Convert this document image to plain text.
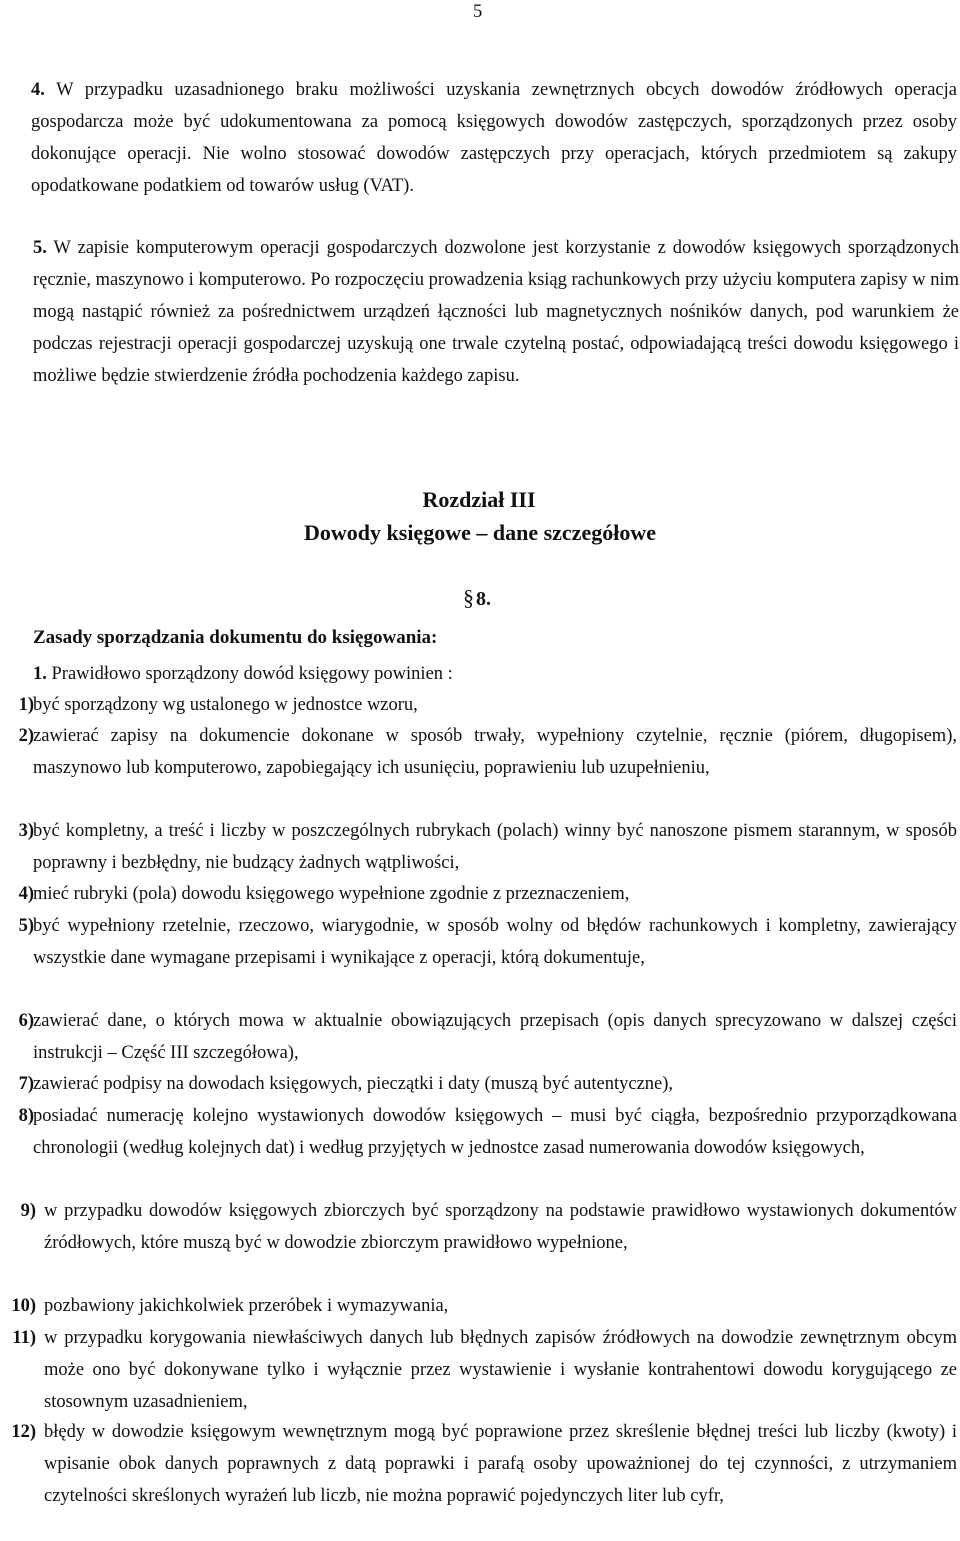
5

4. W przypadku uzasadnionego braku możliwości uzyskania zewnętrznych obcych dowodów źródłowych operacja gospodarcza może być udokumentowana za pomocą księgowych dowodów zastępczych, sporządzonych przez osoby dokonujące operacji. Nie wolno stosować dowodów zastępczych przy operacjach, których przedmiotem są zakupy opodatkowane podatkiem od towarów usług (VAT).

5. W zapisie komputerowym operacji gospodarczych dozwolone jest korzystanie z dowodów księgowych sporządzonych ręcznie, maszynowo i komputerowo. Po rozpoczęciu prowadzenia ksiąg rachunkowych przy użyciu komputera zapisy w nim mogą nastąpić również za pośrednictwem urządzeń łączności lub magnetycznych nośników danych, pod warunkiem że podczas rejestracji operacji gospodarczej uzyskują one trwale czytelną postać, odpowiadającą treści dowodu księgowego i możliwe będzie stwierdzenie źródła pochodzenia każdego zapisu.

Rozdział III
Dowody księgowe – dane szczegółowe
§ 8.
Zasady sporządzania dokumentu do księgowania:
1. Prawidłowo sporządzony dowód księgowy powinien :
1) być sporządzony wg ustalonego w jednostce wzoru,
2) zawierać zapisy na dokumencie dokonane w sposób trwały, wypełniony czytelnie, ręcznie (piórem, długopisem), maszynowo lub komputerowo, zapobiegający ich usunięciu, poprawieniu lub uzupełnieniu,
3) być kompletny, a treść i liczby w poszczególnych rubrykach (polach) winny być nanoszone pismem starannym, w sposób poprawny i bezbłędny, nie budzący żadnych wątpliwości,
4) mieć rubryki (pola) dowodu księgowego wypełnione zgodnie z przeznaczeniem,
5) być wypełniony rzetelnie, rzeczowo, wiarygodnie, w sposób wolny od błędów rachunkowych i kompletny, zawierający wszystkie dane wymagane przepisami i wynikające z operacji, którą dokumentuje,
6) zawierać dane, o których mowa w aktualnie obowiązujących przepisach (opis danych sprecyzowano w dalszej części instrukcji – Część III szczegółowa),
7) zawierać podpisy na dowodach księgowych, pieczątki i daty (muszą być autentyczne),
8) posiadać numerację kolejno wystawionych dowodów księgowych – musi być ciągła, bezpośrednio przyporządkowana chronologii (według kolejnych dat) i według przyjętych w jednostce zasad numerowania dowodów księgowych,
9) w przypadku dowodów księgowych zbiorczych być sporządzony na podstawie prawidłowo wystawionych dokumentów źródłowych, które muszą być w dowodzie zbiorczym prawidłowo wypełnione,
10) pozbawiony jakichkolwiek przeróbek i wymazywania,
11) w przypadku korygowania niewłaściwych danych lub błędnych zapisów źródłowych na dowodzie zewnętrznym obcym może ono być dokonywane tylko i wyłącznie przez wystawienie i wysłanie kontrahentowi dowodu korygującego ze stosownym uzasadnieniem,
12) błędy w dowodzie księgowym wewnętrznym mogą być poprawione przez skreślenie błędnej treści lub liczby (kwoty) i wpisanie obok danych poprawnych z datą poprawki i parafą osoby upoważnionej do tej czynności, z utrzymaniem czytelności skreślonych wyrażeń lub liczb, nie można poprawić pojedynczych liter lub cyfr,
